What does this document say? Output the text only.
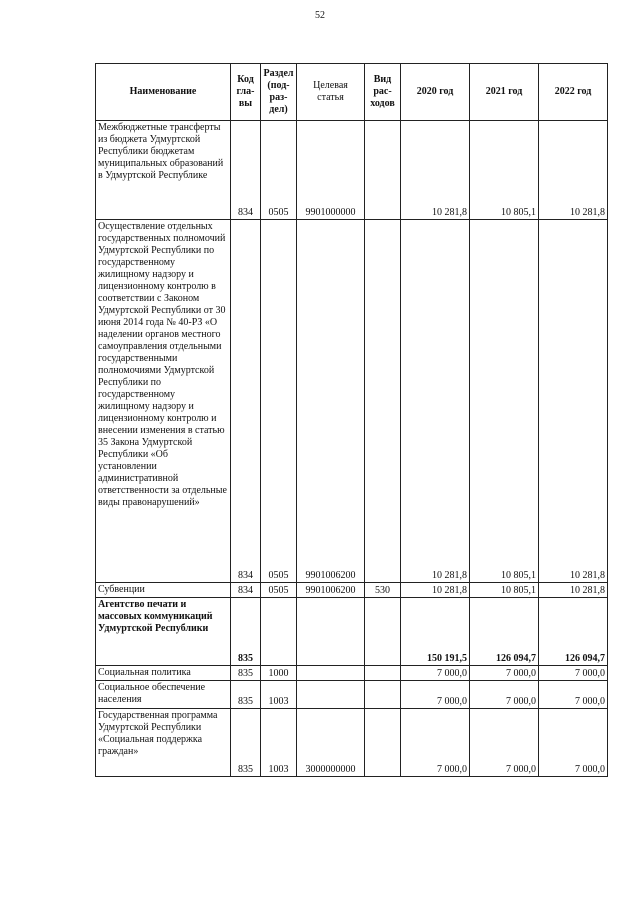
52
Наименование	Код гла- вы	Раздел (под- раз- дел)	Целевая статья	Вид рас- ходов	2020 год	2021 год	2022 год
Межбюджетные трансферты из бюджета Удмуртской Республики бюджетам муниципальных образований в Удмуртской Республике	834	0505	9901000000		10 281,8	10 805,1	10 281,8
Осуществление отдельных государственных полномочий Удмуртской Республики по государственному жилищному надзору и лицензионному контролю в соответствии с Законом Удмуртской Республики от 30 июня 2014 года № 40-РЗ «О наделении органов местного самоуправления отдельными государственными полномочиями Удмуртской Республики по государственному жилищному надзору и лицензионному контролю и внесении изменения в статью 35 Закона Удмуртской Республики «Об установлении административной ответственности за отдельные виды правонарушений»	834	0505	9901006200		10 281,8	10 805,1	10 281,8
Субвенции	834	0505	9901006200	530	10 281,8	10 805,1	10 281,8
Агентство печати и массовых коммуникаций Удмуртской Республики	835				150 191,5	126 094,7	126 094,7
Социальная политика	835	1000			7 000,0	7 000,0	7 000,0
Социальное обеспечение населения	835	1003			7 000,0	7 000,0	7 000,0
Государственная программа Удмуртской Республики «Социальная поддержка граждан»	835	1003	3000000000		7 000,0	7 000,0	7 000,0
